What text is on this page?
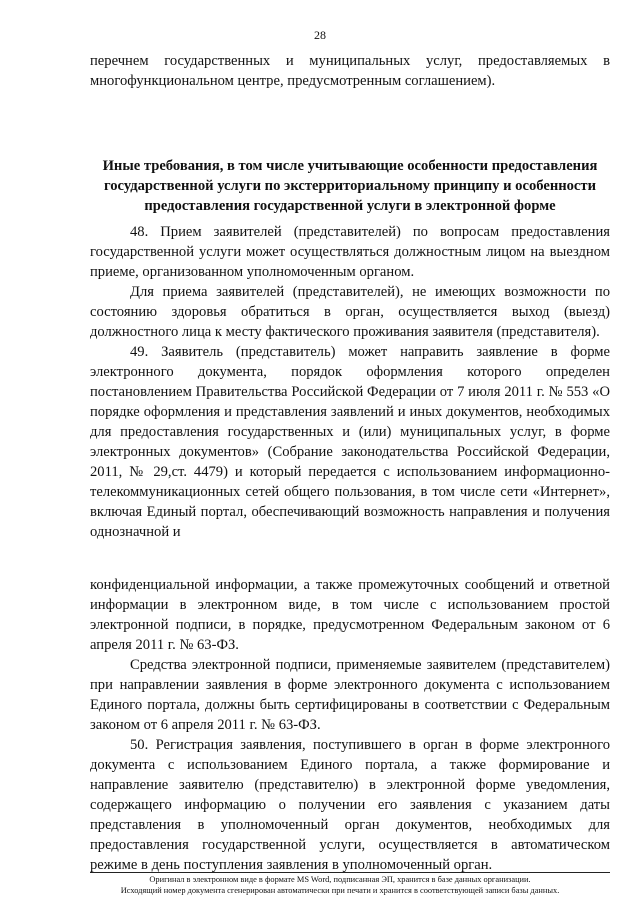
28

перечнем государственных и муниципальных услуг, предоставляемых в многофункциональном центре, предусмотренным соглашением).

Иные требования, в том числе учитывающие особенности предоставления государственной услуги по экстерриториальному принципу и особенности предоставления государственной услуги в электронной форме

48. Прием заявителей (представителей) по вопросам предоставления государственной услуги может осуществляться должностным лицом на выездном приеме, организованном уполномоченным органом.

Для приема заявителей (представителей), не имеющих возможности по состоянию здоровья обратиться в орган, осуществляется выход (выезд) должностного лица к месту фактического проживания заявителя (представителя).

49. Заявитель (представитель) может направить заявление в форме электронного документа, порядок оформления которого определен постановлением Правительства Российской Федерации от 7 июля 2011 г. № 553 «О порядке оформления и представления заявлений и иных документов, необходимых для предоставления государственных и (или) муниципальных услуг, в форме электронных документов» (Собрание законодательства Российской Федерации, 2011, № 29,ст. 4479) и который передается с использованием информационно-телекоммуникационных сетей общего пользования, в том числе сети «Интернет», включая Единый портал, обеспечивающий возможность направления и получения однозначной и

конфиденциальной информации, а также промежуточных сообщений и ответной информации в электронном виде, в том числе с использованием простой электронной подписи, в порядке, предусмотренном Федеральным законом от 6 апреля 2011 г. № 63-ФЗ.

Средства электронной подписи, применяемые заявителем (представителем) при направлении заявления в форме электронного документа с использованием Единого портала, должны быть сертифицированы в соответствии с Федеральным законом от 6 апреля 2011 г. № 63-ФЗ.

50. Регистрация заявления, поступившего в орган в форме электронного документа с использованием Единого портала, а также формирование и направление заявителю (представителю) в электронной форме уведомления, содержащего информацию о получении его заявления с указанием даты представления в уполномоченный орган документов, необходимых для предоставления государственной услуги, осуществляется в автоматическом режиме в день поступления заявления в уполномоченный орган.

Оригинал в электронном виде в формате MS Word, подписанная ЭП, хранится в базе данных организации.
Исходящий номер документа сгенерирован автоматически при печати и хранится в соответствующей записи базы данных.
